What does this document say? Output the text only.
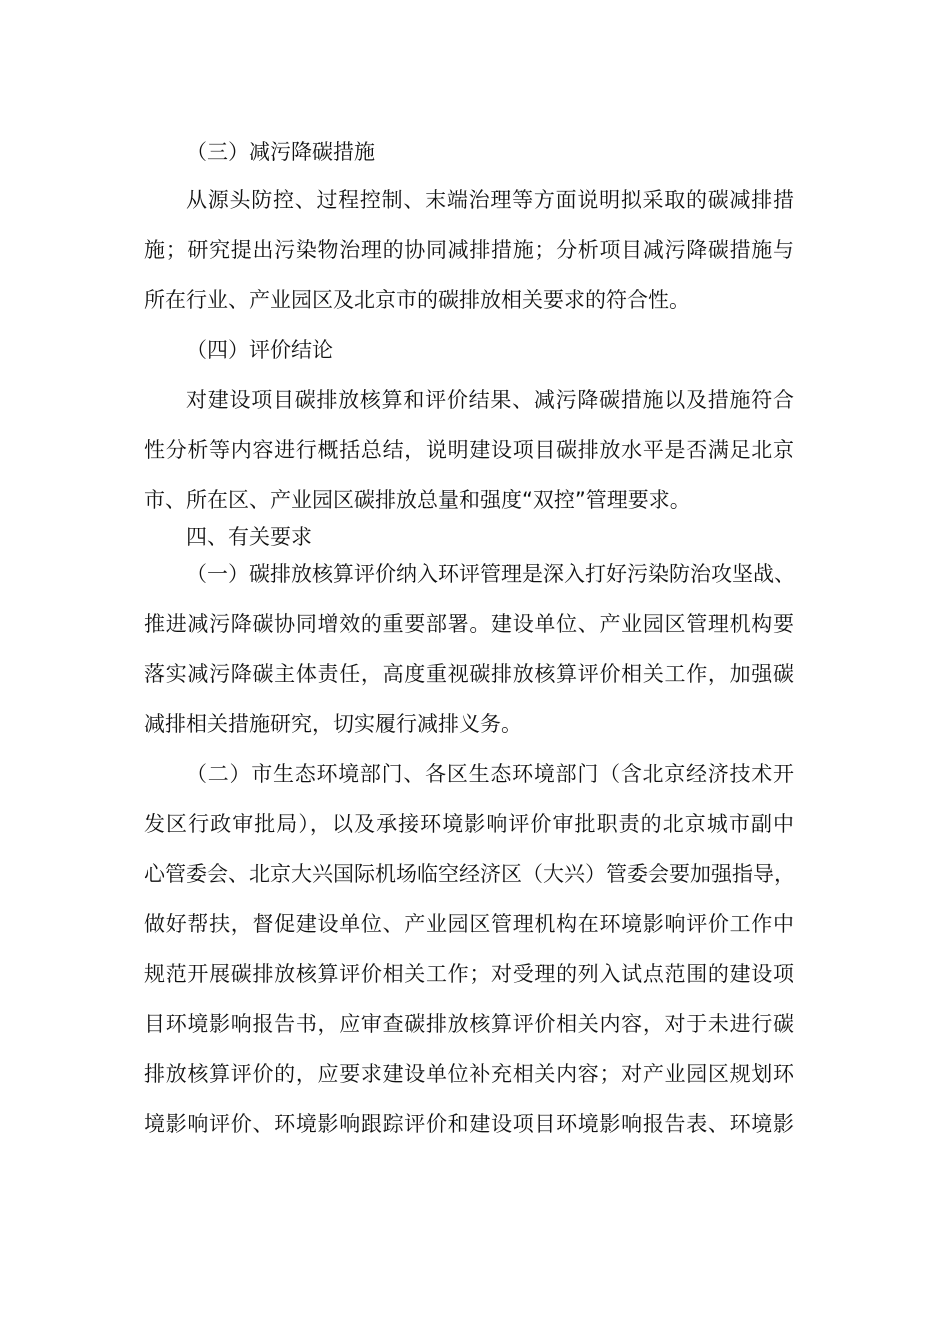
（三）减污降碳措施
从源头防控、过程控制、末端治理等方面说明拟采取的碳减排措
施；研究提出污染物治理的协同减排措施；分析项目减污降碳措施与
所在行业、产业园区及北京市的碳排放相关要求的符合性。
（四）评价结论
对建设项目碳排放核算和评价结果、减污降碳措施以及措施符合
性分析等内容进行概括总结，说明建设项目碳排放水平是否满足北京
市、所在区、产业园区碳排放总量和强度“双控”管理要求。
四、有关要求
（一）碳排放核算评价纳入环评管理是深入打好污染防治攻坚战、
推进减污降碳协同增效的重要部署。建设单位、产业园区管理机构要
落实减污降碳主体责任，高度重视碳排放核算评价相关工作，加强碳
减排相关措施研究，切实履行减排义务。
（二）市生态环境部门、各区生态环境部门（含北京经济技术开
发区行政审批局），以及承接环境影响评价审批职责的北京城市副中
心管委会、北京大兴国际机场临空经济区（大兴）管委会要加强指导，
做好帮扶，督促建设单位、产业园区管理机构在环境影响评价工作中
规范开展碳排放核算评价相关工作；对受理的列入试点范围的建设项
目环境影响报告书，应审查碳排放核算评价相关内容，对于未进行碳
排放核算评价的，应要求建设单位补充相关内容；对产业园区规划环
境影响评价、环境影响跟踪评价和建设项目环境影响报告表、环境影
